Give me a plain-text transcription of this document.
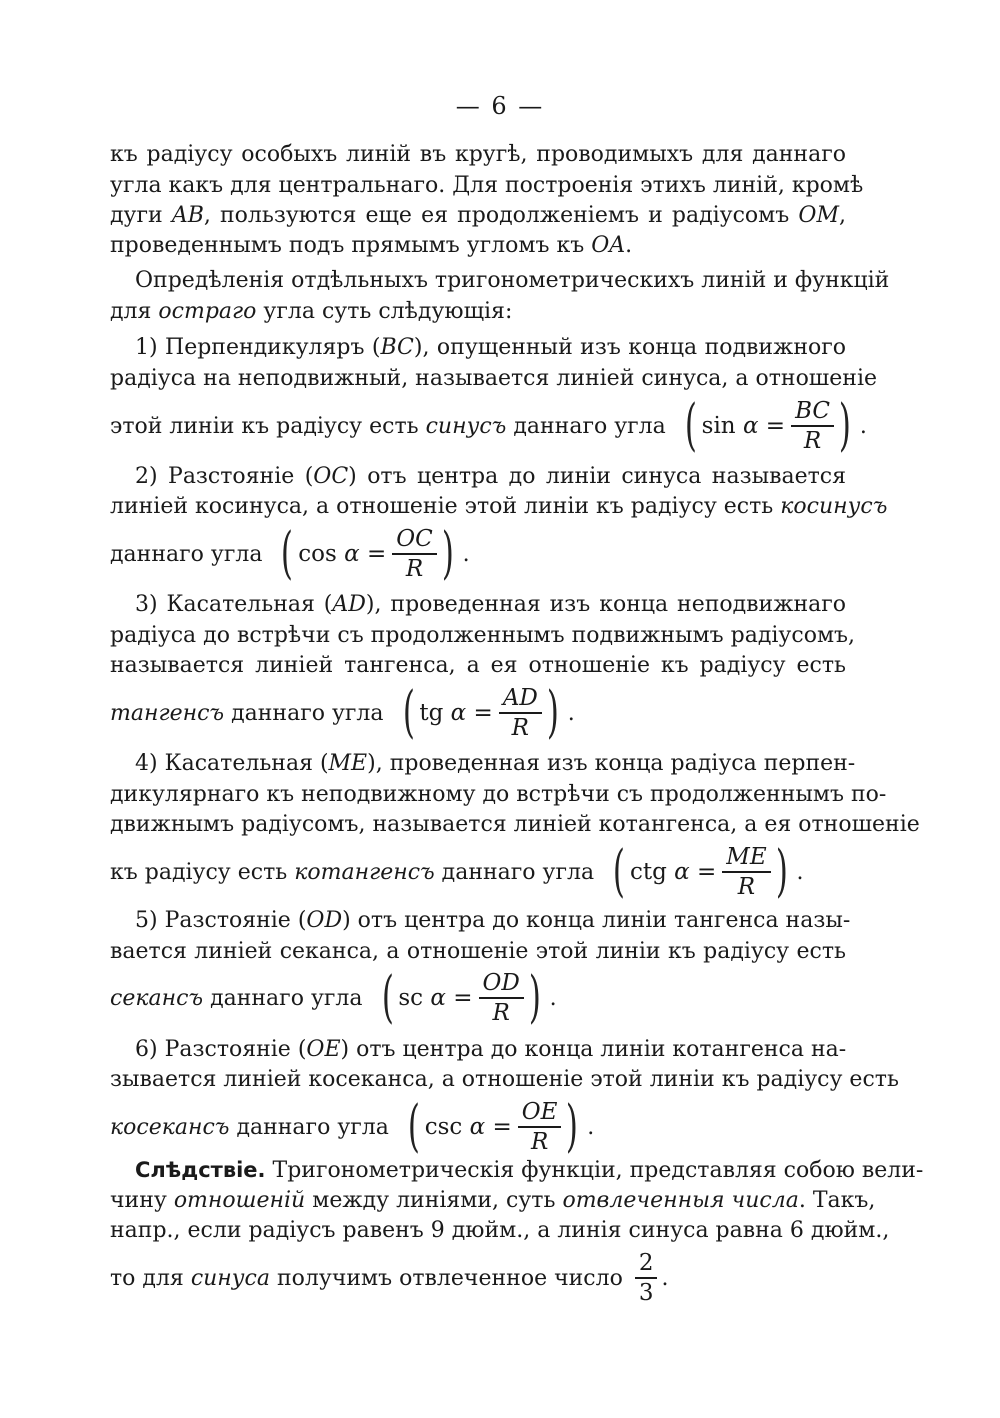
— 6 —
къ радіусу особыхъ линій въ кругѣ, проводимыхъ для даннаго
угла какъ для центральнаго. Для построенія этихъ линій, кромѣ
дуги AB, пользуются еще ея продолженіемъ и радіусомъ OM,
проведеннымъ подъ прямымъ угломъ къ OA.
Опредѣленія отдѣльныхъ тригонометрическихъ линій и функцій
для остраго угла суть слѣдующія:
1) Перпендикуляръ (BC), опущенный изъ конца подвижного
радіуса на неподвижный, называется линіей синуса, а отношеніе
этой линіи къ радіусу есть синусъ даннаго угла ( sin
α
= $\frac{BC}{R}$ ) .
2) Разстояніе (OC) отъ центра до линіи синуса называется
линіей косинуса, а отношеніе этой линіи къ радіусу есть косинусъ
даннаго угла ( cos
α
= $\frac{OC}{R}$ ) .
3) Касательная (AD), проведенная изъ конца неподвижнаго
радіуса до встрѣчи съ продолженнымъ подвижнымъ радіусомъ,
называется линіей тангенса, а ея отношеніе къ радіусу есть
тангенсъ даннаго угла ( tg
α
= $\frac{AD}{R}$ ) .
4) Касательная (ME), проведенная изъ конца радіуса перпен-
дикулярнаго къ неподвижному до встрѣчи съ продолженнымъ по-
движнымъ радіусомъ, называется линіей котангенса, а ея отношеніе
къ радіусу есть котангенсъ даннаго угла ( ctg
α
= $\frac{ME}{R}$ ) .
5) Разстояніе (OD) отъ центра до конца линіи тангенса назы-
вается линіей секанса, а отношеніе этой линіи къ радіусу есть
секансъ даннаго угла ( sc
α
= $\frac{OD}{R}$ ) .
6) Разстояніе (OE) отъ центра до конца линіи котангенса на-
зывается линіей косеканса, а отношеніе этой линіи къ радіусу есть
косекансъ даннаго угла ( csc
α
= $\frac{OE}{R}$ ) .
Слѣдствіе. Тригонометрическія функціи, представляя собою вели-
чину отношеній между линіями, суть отвлеченныя числа. Такъ,
напр., если радіусъ равенъ 9 дюйм., а линія синуса равна 6 дюйм.,
то для синуса получимъ отвлеченное число $\frac{2}{3}$ .
